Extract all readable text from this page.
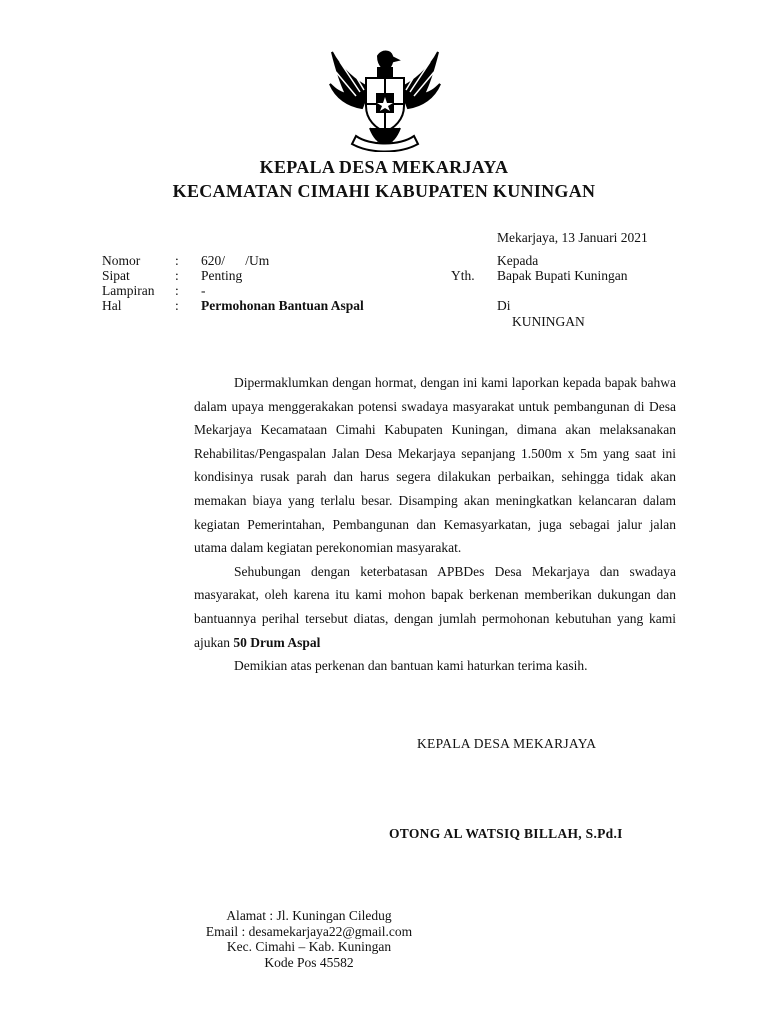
KEPALA DESA MEKARJAYA
KECAMATAN CIMAHI KABUPATEN KUNINGAN
Mekarjaya, 13 Januari 2021
Nomor	: 620/      /Um
Sipat	: Penting
Lampiran : -
Hal	: Permohonan Bantuan Aspal
Kepada
Yth. Bapak Bupati Kuningan
Di
KUNINGAN

Dipermaklumkan dengan hormat, dengan ini kami laporkan kepada bapak bahwa dalam upaya menggerakakan potensi swadaya masyarakat untuk pembangunan di Desa Mekarjaya Kecamataan Cimahi Kabupaten Kuningan, dimana akan melaksanakan Rehabilitas/Pengaspalan Jalan Desa Mekarjaya sepanjang 1.500m x 5m yang saat ini kondisinya rusak parah dan harus segera dilakukan perbaikan, sehingga tidak akan memakan biaya yang terlalu besar. Disamping akan meningkatkan kelancaran dalam kegiatan Pemerintahan, Pembangunan dan Kemasyarkatan, juga sebagai jalur jalan utama dalam kegiatan perekonomian masyarakat.

Sehubungan dengan keterbatasan APBDes Desa Mekarjaya dan swadaya masyarakat, oleh karena itu kami mohon bapak berkenan memberikan dukungan dan bantuannya perihal tersebut diatas, dengan jumlah permohonan kebutuhan yang kami ajukan 50 Drum Aspal

Demikian atas perkenan dan bantuan kami haturkan terima kasih.

KEPALA DESA MEKARJAYA
OTONG AL WATSIQ BILLAH, S.Pd.I
Alamat : Jl. Kuningan Ciledug
Email : desamekarjaya22@gmail.com
Kec. Cimahi – Kab. Kuningan
Kode Pos 45582
